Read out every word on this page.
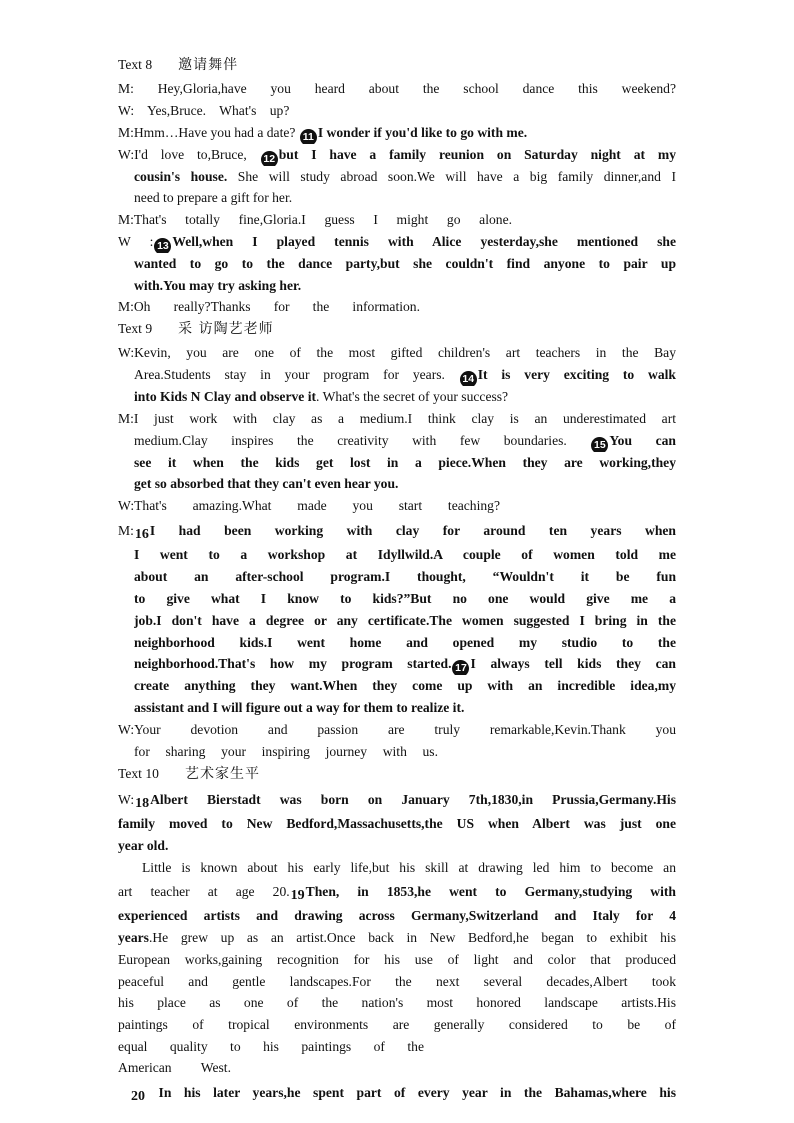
Text 8 邀请舞伴
M: Hey,Gloria,have you heard about the school dance this weekend?
W: Yes,Bruce. What's up?
M:Hmm…Have you had a date? 11 I wonder if you'd like to go with me.
W:I'd love to,Bruce, 12 but I have a family reunion on Saturday night at my
cousin's house. She will study abroad soon.We will have a big family dinner,and I
need to prepare a gift for her.
M:That's totally fine,Gloria.I guess I might go alone.
W : 13 Well,when I played tennis with Alice yesterday,she mentioned she
wanted to go to the dance party,but she couldn't find anyone to pair up
with.You may try asking her.
M:Oh really?Thanks for the information.
Text 9 采 访陶艺老师
W:Kevin, you are one of the most gifted children's art teachers in the Bay
Area.Students stay in your program for years. 14 It is very exciting to walk
into Kids N Clay and observe it. What's the secret of your success?
M:I just work with clay as a medium.I think clay is an underestimated art
medium.Clay inspires the creativity with few boundaries.	15 You can
see it when the kids get lost in a piece.When they are working,they
get so absorbed that they can't even hear you.
W:That's amazing.What made you start teaching?
M:16I had been working with clay for around ten years when
I went to a workshop at Idyllwild.A couple of women told me
about an after-school program.I thought, “Wouldn't it be fun
to give what I know to kids?”But no one would give me a
job.I don't have a degree or any certificate.The women suggested I bring in the
neighborhood kids.I went home and opened my studio to the
neighborhood.That's how my program started. 17 I always tell kids they can
create anything they want.When they come up with an incredible idea,my
assistant and I will figure out a way for them to realize it.
W:Your devotion and passion are truly remarkable,Kevin.Thank you
for sharing your inspiring journey with us.
Text 10 艺术家生平
W:18Albert Bierstadt was born on January 7th,1830,in Prussia,Germany.His
family moved to New Bedford,Massachusetts,the US when Albert was just one
year old.
Little is known about his early life,but his skill at drawing led him to become an
art teacher at age 20.19Then, in 1853,he went to Germany,studying with
experienced artists and drawing across Germany,Switzerland and Italy for 4
years.He grew up as an artist.Once back in New Bedford,he began to exhibit his
European works,gaining recognition for his use of light and color that produced
peaceful and gentle landscapes.For the next several decades,Albert took
his place as one of the nation's most honored landscape artists.His
paintings of tropical environments are generally considered to be of
equal quality to his paintings of the
American West.
20 In his later years,he spent part of every year in the Bahamas,where his
